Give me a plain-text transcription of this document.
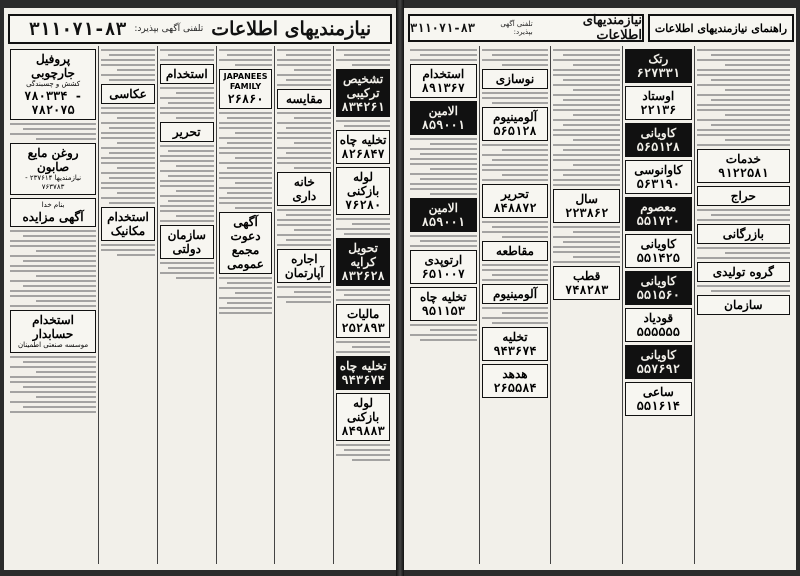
نیازمندیهای اطلاعات
تلفنی آگهی بپذیرد:
۳۱۱۰۷۱-۸۳
تشخیص ترکیبی
۸۳۴۲۶۱
تخلیه چاه
۸۲۶۸۴۷
لوله بازکنی
۷۶۲۸۰
تحویل کرایه
۸۳۲۶۲۸
مالیات
۲۵۲۸۹۳
تخلیه چاه
۹۴۳۶۷۴
لوله بازکنی
۸۴۹۸۸۳
مقایسه
خانه داری
اجاره آپارتمان
JAPANEES FAMILY
۲۶۸۶۰
آگهی دعوت مجمع عمومی
استخدام
تحریر
سازمان دولتی
عکاسی
استخدام مکانیک
پروفیل جارچوبی
کشش و چسبندگی
۷۸۰۳۳۴ - ۷۸۲۰۷۵
روغن مایع صابون
نیازمندیها ۲۳۷۶۱۴ - ۷۶۳۷۸۳
بنام خدا
آگهی مزایده
استخدام حسابدار
موسسه صنعتی اطمینان
نیازمندیهای اطلاعات
تلفنی آگهی بپذیرد:
۳۱۱۰۷۱-۸۳	راهنمای نیازمندیهای اطلاعات
خدمات
۹۱۲۲۵۸۱
حراج
بازرگانی
گروه تولیدی
سازمان
رتک
۶۲۷۳۳۱
اوستاد
۲۲۱۳۶
کاویانی
۵۶۵۱۲۸
کاوانوسی
۵۶۳۱۹۰
معصوم
۵۵۱۷۲۰
کاویانی
۵۵۱۴۲۵
کاویانی
۵۵۱۵۶۰
قودیاد
۵۵۵۵۵۵
کاویانی
۵۵۷۶۹۲
ساعی
۵۵۱۶۱۴
سال
۲۲۳۸۶۲
قطب
۷۴۸۲۸۳
نوسازی
آلومینیوم
۵۶۵۱۲۸
تحریر
۸۴۸۸۷۲
مقاطعه
آلومینیوم
تخلیه
۹۴۳۶۷۴
هدهد
۲۶۵۵۸۴
استخدام
۸۹۱۳۶۷
الامین
۸۵۹۰۰۱
الامین
۸۵۹۰۰۱
ارتوپدی
۶۵۱۰۰۷
تخلیه چاه
۹۵۱۱۵۳
